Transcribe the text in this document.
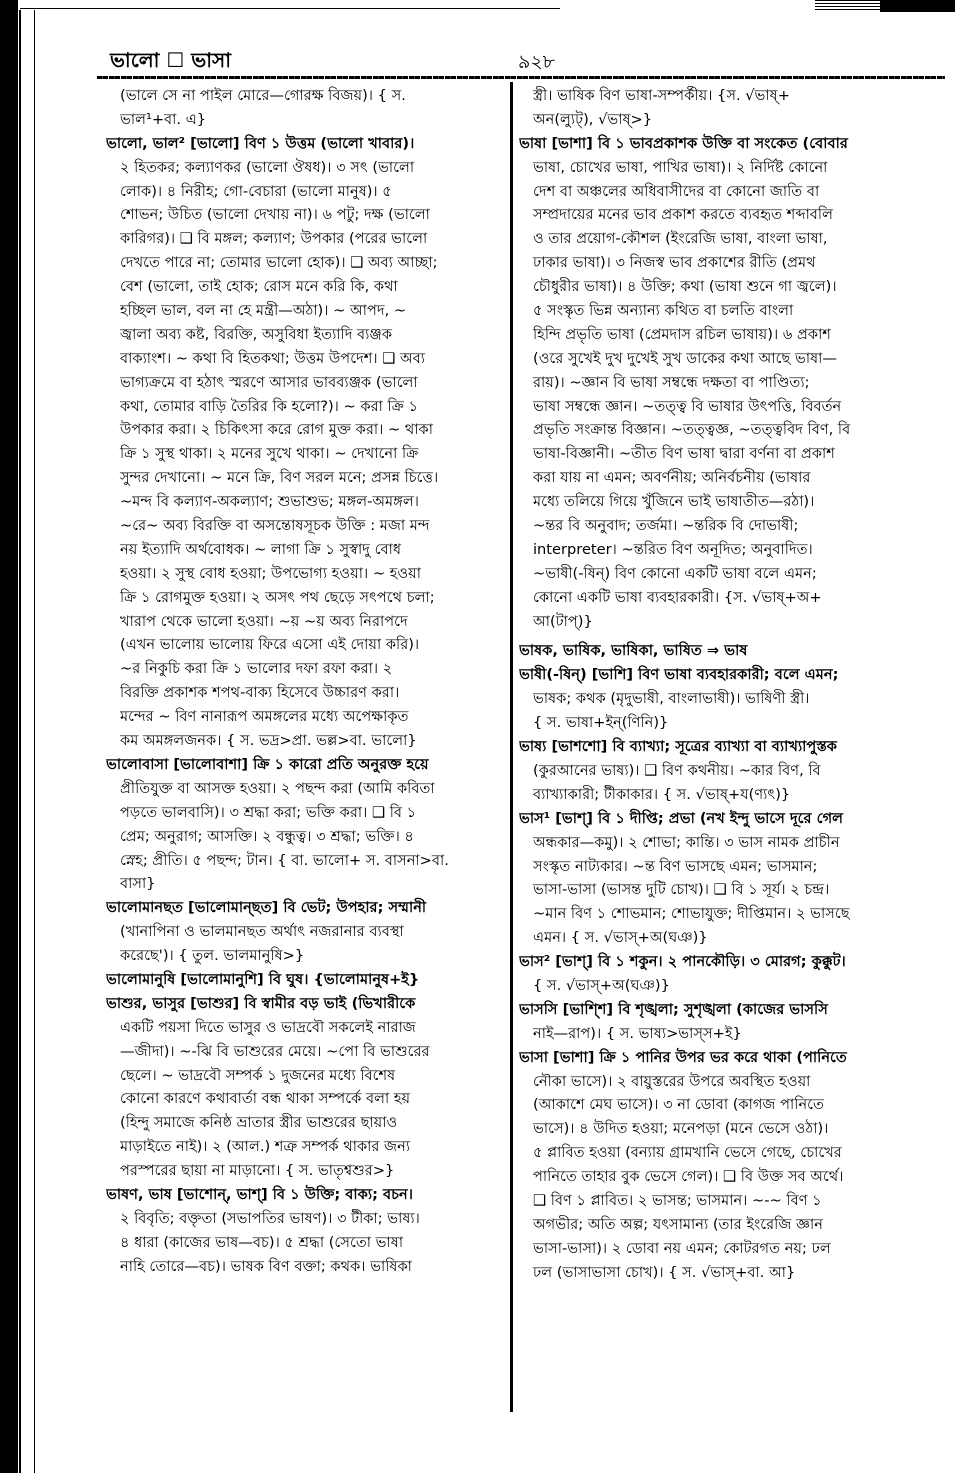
ভালো ☐ ভাসা	৯২৮
(ভালে সে না পাইল মোরে—গোরক্ষ বিজয়)। { স.
ভাল¹+বা. এ}
ভালো, ভাল² [ভালো] বিণ ১ উত্তম (ভালো খাবার)।
২ হিতকর; কল্যাণকর (ভালো ঔষধ)। ৩ সৎ (ভালো
লোক)। ৪ নিরীহ; গো-বেচারা (ভালো মানুষ)। ৫
শোভন; উচিত (ভালো দেখায় না)। ৬ পটু; দক্ষ (ভালো
কারিগর)। ❑ বি মঙ্গল; কল্যাণ; উপকার (পরের ভালো
দেখতে পারে না; তোমার ভালো হোক)। ❑ অব্য আচ্ছা;
বেশ (ভালো, তাই হোক; রোস মনে করি কি, কথা
হচ্ছিল ভাল, বল না হে মন্ত্রী—অঠা)। ~ আপদ, ~
জ্বালা অব্য কষ্ট, বিরক্তি, অসুবিধা ইত্যাদি ব্যঞ্জক
বাক্যাংশ। ~ কথা বি হিতকথা; উত্তম উপদেশ। ❑ অব্য
ভাগ্যক্রমে বা হঠাৎ স্মরণে আসার ভাবব্যঞ্জক (ভালো
কথা, তোমার বাড়ি তৈরির কি হলো?)। ~ করা ক্রি ১
উপকার করা। ২ চিকিৎসা করে রোগ মুক্ত করা। ~ থাকা
ক্রি ১ সুস্থ থাকা। ২ মনের সুখে থাকা। ~ দেখানো ক্রি
সুন্দর দেখানো। ~ মনে ক্রি, বিণ সরল মনে; প্রসন্ন চিত্তে।
~মন্দ বি কল্যাণ-অকল্যাণ; শুভাশুভ; মঙ্গল-অমঙ্গল।
~রে~ অব্য বিরক্তি বা অসন্তোষসূচক উক্তি : মজা মন্দ
নয় ইত্যাদি অর্থবোধক। ~ লাগা ক্রি ১ সুস্বাদু বোধ
হওয়া। ২ সুস্থ বোধ হওয়া; উপভোগ্য হওয়া। ~ হওয়া
ক্রি ১ রোগমুক্ত হওয়া। ২ অসৎ পথ ছেড়ে সৎপথে চলা;
খারাপ থেকে ভালো হওয়া। ~য় ~য় অব্য নিরাপদে
(এখন ভালোয় ভালোয় ফিরে এসো এই দোয়া করি)।
~র নিকুচি করা ক্রি ১ ভালোর দফা রফা করা। ২
বিরক্তি প্রকাশক শপথ-বাক্য হিসেবে উচ্চারণ করা।
মন্দের ~ বিণ নানারূপ অমঙ্গলের মধ্যে অপেক্ষাকৃত
কম অমঙ্গলজনক। { স. ভদ্র>প্রা. ভল্ল>বা. ভালো}
ভালোবাসা [ভালোবাশা] ক্রি ১ কারো প্রতি অনুরক্ত হয়ে
প্রীতিযুক্ত বা আসক্ত হওয়া। ২ পছন্দ করা (আমি কবিতা
পড়তে ভালবাসি)। ৩ শ্রদ্ধা করা; ভক্তি করা। ❑ বি ১
প্রেম; অনুরাগ; আসক্তি। ২ বন্ধুত্ব। ৩ শ্রদ্ধা; ভক্তি। ৪
স্নেহ; প্রীতি। ৫ পছন্দ; টান। { বা. ভালো+ স. বাসনা>বা.
বাসা}
ভালোমানছত [ভালোমান্ছত] বি ভেট; উপহার; সম্মানী
(খানাপিনা ও ভালমানছত অর্থাৎ নজরানার ব্যবস্থা
করেছে')। { তুল. ভালমানুষি>}
ভালোমানুষি [ভালোমানুশি] বি ঘুষ। {ভালোমানুষ+ই}
ভাশুর, ভাসুর [ভাশুর] বি স্বামীর বড় ভাই (ভিখারীকে
একটি পয়সা দিতে ভাসুর ও ভাদ্রবৌ সকলেই নারাজ
—জীদা)। ~-ঝি বি ভাশুরের মেয়ে। ~পো বি ভাশুরের
ছেলে। ~ ভাদ্রবৌ সম্পর্ক ১ দুজনের মধ্যে বিশেষ
কোনো কারণে কথাবার্তা বন্ধ থাকা সম্পর্কে বলা হয়
(হিন্দু সমাজে কনিষ্ঠ ভ্রাতার স্ত্রীর ভাশুরের ছায়াও
মাড়াইতে নাই)। ২ (আল.) শত্রু সম্পর্ক থাকার জন্য
পরস্পরের ছায়া না মাড়ানো। { স. ভাতৃশ্বশুর>}
ভাষণ, ভাষ [ভাশোন্, ভাশ্] বি ১ উক্তি; বাক্য; বচন।
২ বিবৃতি; বক্তৃতা (সভাপতির ভাষণ)। ৩ টীকা; ভাষ্য।
৪ ধারা (কাজের ভাষ—বচ)। ৫ শ্রদ্ধা (সেতো ভাষা
নাহি তোরে—বচ)। ভাষক বিণ বক্তা; কথক। ভাষিকা
স্ত্রী। ভাষিক বিণ ভাষা-সম্পর্কীয়। {স. √ভাষ্+
অন(ল্যুট্), √ভাষ্>}
ভাষা [ভাশা] বি ১ ভাবপ্রকাশক উক্তি বা সংকেত (বোবার
ভাষা, চোখের ভাষা, পাখির ভাষা)। ২ নির্দিষ্ট কোনো
দেশ বা অঞ্চলের অধিবাসীদের বা কোনো জাতি বা
সম্প্রদায়ের মনের ভাব প্রকাশ করতে ব্যবহৃত শব্দাবলি
ও তার প্রয়োগ-কৌশল (ইংরেজি ভাষা, বাংলা ভাষা,
ঢাকার ভাষা)। ৩ নিজস্ব ভাব প্রকাশের রীতি (প্রমথ
চৌধুরীর ভাষা)। ৪ উক্তি; কথা (ভাষা শুনে গা জ্বলে)।
৫ সংস্কৃত ভিন্ন অন্যান্য কথিত বা চলতি বাংলা
হিন্দি প্রভৃতি ভাষা (প্রেমদাস রচিল ভাষায়)। ৬ প্রকাশ
(ওরে সুখেই দুখ দুখেই সুখ ডাকের কথা আছে ভাষা—
রায়)। ~জ্ঞান বি ভাষা সম্বন্ধে দক্ষতা বা পাণ্ডিত্য;
ভাষা সম্বন্ধে জ্ঞান। ~তত্ত্ব বি ভাষার উৎপত্তি, বিবর্তন
প্রভৃতি সংক্রান্ত বিজ্ঞান। ~তত্ত্বজ্ঞ, ~তত্ত্ববিদ বিণ, বি
ভাষা-বিজ্ঞানী। ~তীত বিণ ভাষা দ্বারা বর্ণনা বা প্রকাশ
করা যায় না এমন; অবর্ণনীয়; অনির্বচনীয় (ভাষার
মধ্যে তলিয়ে গিয়ে খুঁজিনে ভাই ভাষাতীত—রঠা)।
~ন্তর বি অনুবাদ; তর্জমা। ~ন্তরিক বি দোভাষী;
interpreter। ~ন্তরিত বিণ অনূদিত; অনুবাদিত।
~ভাষী(-ষিন্) বিণ কোনো একটি ভাষা বলে এমন;
কোনো একটি ভাষা ব্যবহারকারী। {স. √ভাষ্+অ+
আ(টাপ্)}
ভাষক, ভাষিক, ভাষিকা, ভাষিত ⇒ ভাষ
ভাষী(-ষিন্) [ভাশি] বিণ ভাষা ব্যবহারকারী; বলে এমন;
ভাষক; কথক (মৃদুভাষী, বাংলাভাষী)। ভাষিণী স্ত্রী।
{ স. ভাষা+ইন্(ণিনি)}
ভাষ্য [ভাশশো] বি ব্যাখ্যা; সূত্রের ব্যাখ্যা বা ব্যাখ্যাপুস্তক
(কুরআনের ভাষ্য)। ❑ বিণ কথনীয়। ~কার বিণ, বি
ব্যাখ্যাকারী; টীকাকার। { স. √ভাষ্+য(ণ্যৎ)}
ভাস¹ [ভাশ্] বি ১ দীপ্তি; প্রভা (নখ ইন্দু ভাসে দূরে গেল
অন্ধকার—কমু)। ২ শোভা; কান্তি। ৩ ভাস নামক প্রাচীন
সংস্কৃত নাট্যকার। ~ন্ত বিণ ভাসছে এমন; ভাসমান;
ভাসা-ভাসা (ভাসন্ত দুটি চোখ)। ❑ বি ১ সূর্য। ২ চন্দ্র।
~মান বিণ ১ শোভমান; শোভাযুক্ত; দীপ্তিমান। ২ ভাসছে
এমন। { স. √ভাস্+অ(ঘঞ)}
ভাস² [ভাশ্] বি ১ শকুন। ২ পানকৌড়ি। ৩ মোরগ; কুক্কুট।
{ স. √ভাস্+অ(ঘঞ)}
ভাসসি [ভাশ্শি] বি শৃঙ্খলা; সুশৃঙ্খলা (কাজের ভাসসি
নাই—রাপ)। { স. ভাষ্য>ভাস্স+ই}
ভাসা [ভাশা] ক্রি ১ পানির উপর ভর করে থাকা (পানিতে
নৌকা ভাসে)। ২ বায়ুস্তরের উপরে অবস্থিত হওয়া
(আকাশে মেঘ ভাসে)। ৩ না ডোবা (কাগজ পানিতে
ভাসে)। ৪ উদিত হওয়া; মনেপড়া (মনে ভেসে ওঠা)।
৫ প্লাবিত হওয়া (বন্যায় গ্রামখানি ভেসে গেছে, চোখের
পানিতে তাহার বুক ভেসে গেল)। ❑ বি উক্ত সব অর্থে।
❑ বিণ ১ প্লাবিত। ২ ভাসন্ত; ভাসমান। ~-~ বিণ ১
অগভীর; অতি অল্প; যৎসামান্য (তার ইংরেজি জ্ঞান
ভাসা-ভাসা)। ২ ডোবা নয় এমন; কোটরগত নয়; ঢল
ঢল (ভাসাভাসা চোখ)। { স. √ভাস্+বা. আ}
